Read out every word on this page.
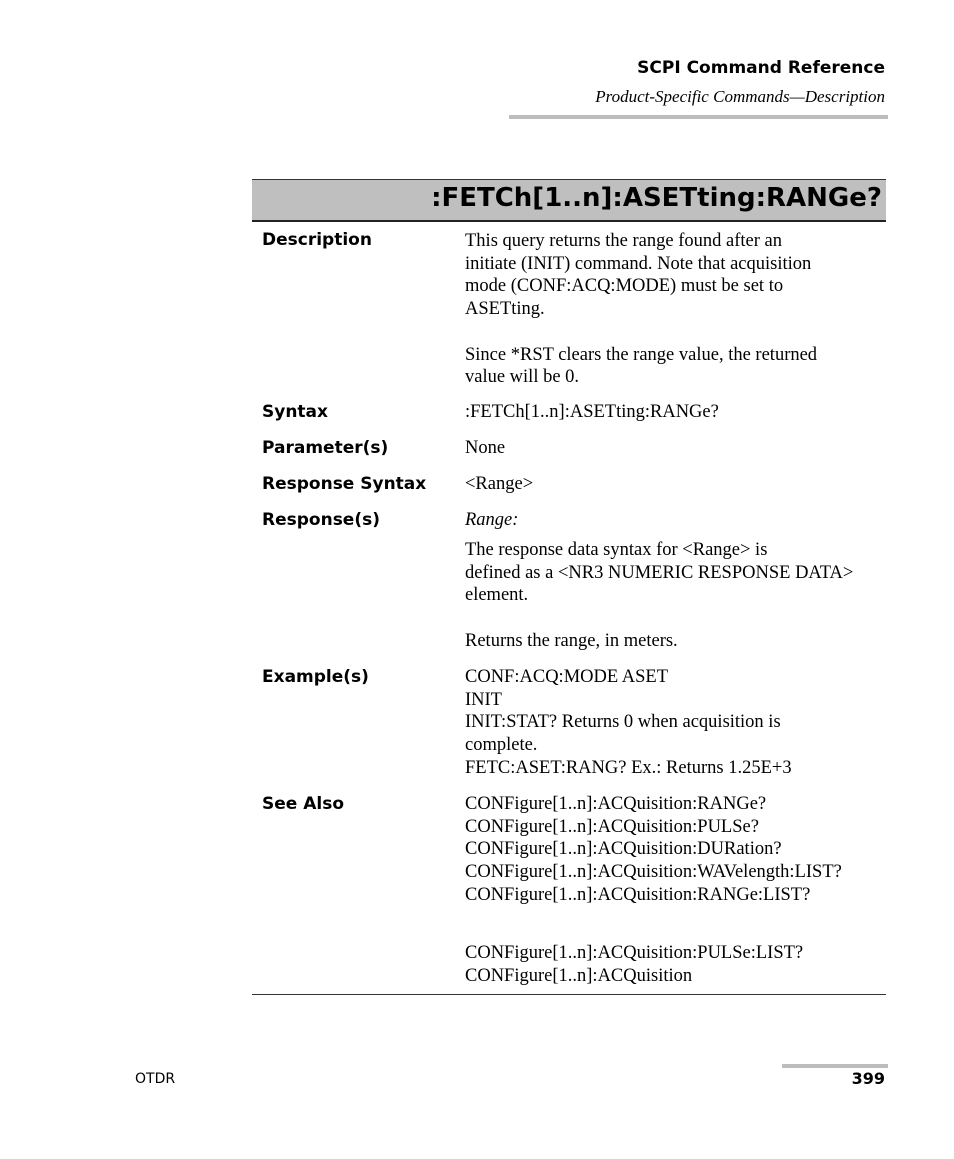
SCPI Command Reference
Product-Specific Commands—Description
:FETCh[1..n]:ASETting:RANGe?
Description	This query returns the range found after an
initiate (INIT) command. Note that acquisition
mode (CONF:ACQ:MODE) must be set to
ASETting.
Since *RST clears the range value, the returned
value will be 0.
Syntax	:FETCh[1..n]:ASETting:RANGe?
Parameter(s)	None
Response Syntax <Range>
Response(s)	Range:
The response data syntax for <Range> is
defined as a <NR3 NUMERIC RESPONSE DATA>
element.
Returns the range, in meters.
Example(s)	CONF:ACQ:MODE ASET
INIT
INIT:STAT? Returns 0 when acquisition is
complete.
FETC:ASET:RANG? Ex.: Returns 1.25E+3
See Also	CONFigure[1..n]:ACQuisition:RANGe?
CONFigure[1..n]:ACQuisition:PULSe?
CONFigure[1..n]:ACQuisition:DURation?
CONFigure[1..n]:ACQuisition:WAVelength:LIST?
CONFigure[1..n]:ACQuisition:RANGe:LIST?
CONFigure[1..n]:ACQuisition:PULSe:LIST?
CONFigure[1..n]:ACQuisition
OTDR	399
